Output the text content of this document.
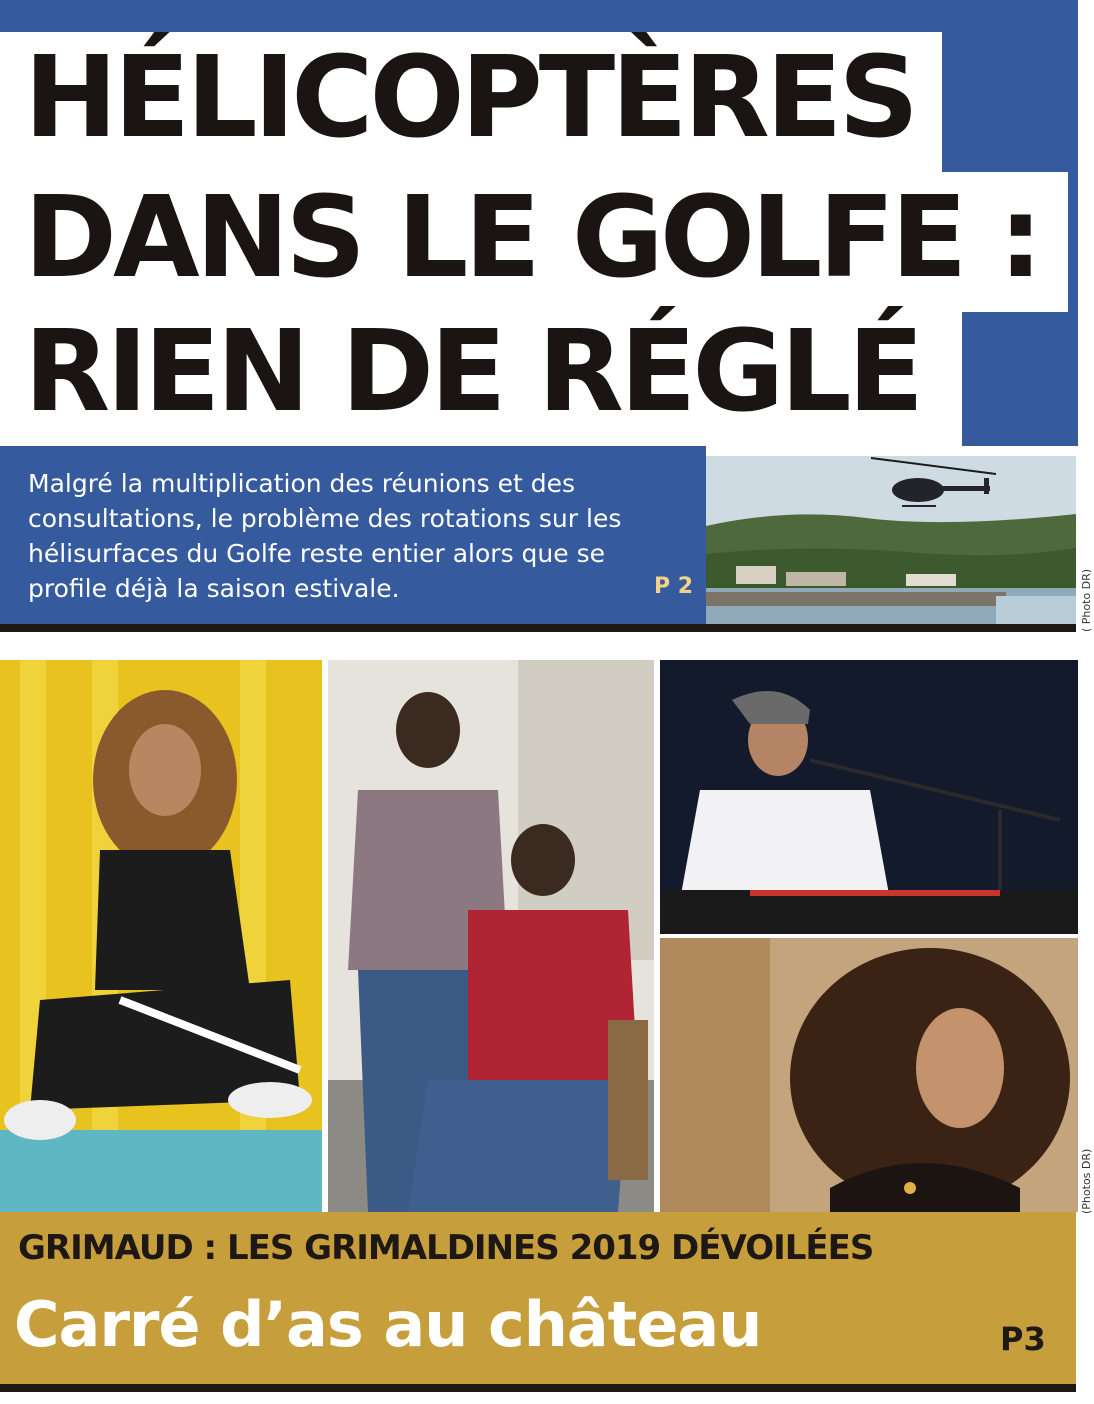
HÉLICOPTÈRES
DANS LE GOLFE :
RIEN DE RÉGLÉ

Malgré la multiplication des réunions et des consultations, le problème des rotations sur les hélisurfaces du Golfe reste entier alors que se profile déjà la saison estivale.	P 2	( Photo DR)
(Photos DR)
GRIMAUD : LES GRIMALDINES 2019 DÉVOILÉES
Carré d’as au château	P3
